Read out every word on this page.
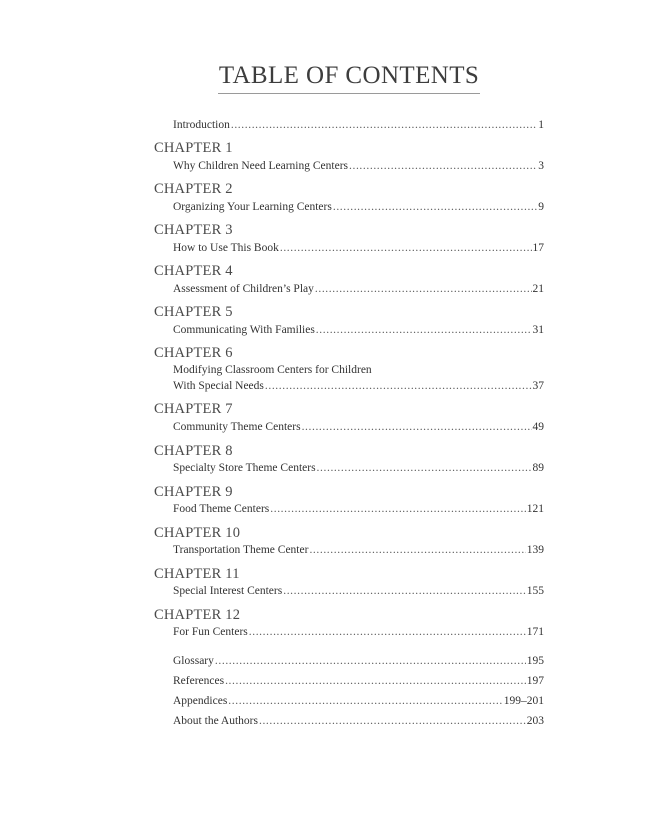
TABLE OF CONTENTS
Introduction .....	1
CHAPTER 1
Why Children Need Learning Centers .....	3
CHAPTER 2
Organizing Your Learning Centers .....	9
CHAPTER 3
How to Use This Book .....	17
CHAPTER 4
Assessment of Children’s Play .....	21
CHAPTER 5
Communicating With Families .....	31
CHAPTER 6
Modifying Classroom Centers for Children
With Special Needs .....	37
CHAPTER 7
Community Theme Centers .....	49
CHAPTER 8
Specialty Store Theme Centers .....	89
CHAPTER 9
Food Theme Centers .....	121
CHAPTER 10
Transportation Theme Center .....	139
CHAPTER 11
Special Interest Centers .....	155
CHAPTER 12
For Fun Centers .....	171
Glossary .....	195
References .....	197
Appendices .....	199–201
About the Authors .....	203
